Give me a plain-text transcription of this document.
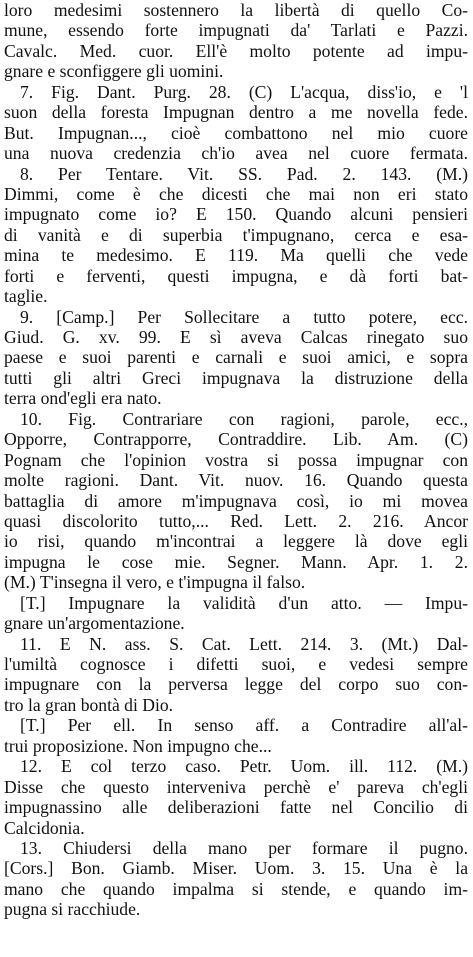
loro medesimi sostennero la libertà di quello Co-
mune, essendo forte impugnati da' Tarlati e Pazzi.
Cavalc. Med. cuor. Ell'è molto potente ad impu-
gnare e sconfiggere gli uomini.
7. Fig. Dant. Purg. 28. (C) L'acqua, diss'io, e 'l
suon della foresta Impugnan dentro a me novella fede.
But. Impugnan..., cioè combattono nel mio cuore
una nuova credenzia ch'io avea nel cuore fermata.
8. Per Tentare. Vit. SS. Pad. 2. 143. (M.)
Dimmi, come è che dicesti che mai non eri stato
impugnato come io? E 150. Quando alcuni pensieri
di vanità e di superbia t'impugnano, cerca e esa-
mina te medesimo. E 119. Ma quelli che vede
forti e ferventi, questi impugna, e dà forti bat-
taglie.
9. [Camp.] Per Sollecitare a tutto potere, ecc.
Giud. G. xv. 99. E sì aveva Calcas rinegato suo
paese e suoi parenti e carnali e suoi amici, e sopra
tutti gli altri Greci impugnava la distruzione della
terra ond'egli era nato.
10. Fig. Contrariare con ragioni, parole, ecc.,
Opporre, Contrapporre, Contraddire. Lib. Am. (C)
Pognam che l'opinion vostra si possa impugnar con
molte ragioni. Dant. Vit. nuov. 16. Quando questa
battaglia di amore m'impugnava così, io mi movea
quasi discolorito tutto,... Red. Lett. 2. 216. Ancor
io risi, quando m'incontrai a leggere là dove egli
impugna le cose mie. Segner. Mann. Apr. 1. 2.
(M.) T'insegna il vero, e t'impugna il falso.
[T.] Impugnare la validità d'un atto. — Impu-
gnare un'argomentazione.
11. E N. ass. S. Cat. Lett. 214. 3. (Mt.) Dal-
l'umiltà cognosce i difetti suoi, e vedesi sempre
impugnare con la perversa legge del corpo suo con-
tro la gran bontà di Dio.
[T.] Per ell. In senso aff. a Contradire all'al-
trui proposizione. Non impugno che...
12. E col terzo caso. Petr. Uom. ill. 112. (M.)
Disse che questo interveniva perchè e' pareva ch'egli
impugnassino alle deliberazioni fatte nel Concilio di
Calcidonia.
13. Chiudersi della mano per formare il pugno.
[Cors.] Bon. Giamb. Miser. Uom. 3. 15. Una è la
mano che quando impalma si stende, e quando im-
pugna si racchiude.
